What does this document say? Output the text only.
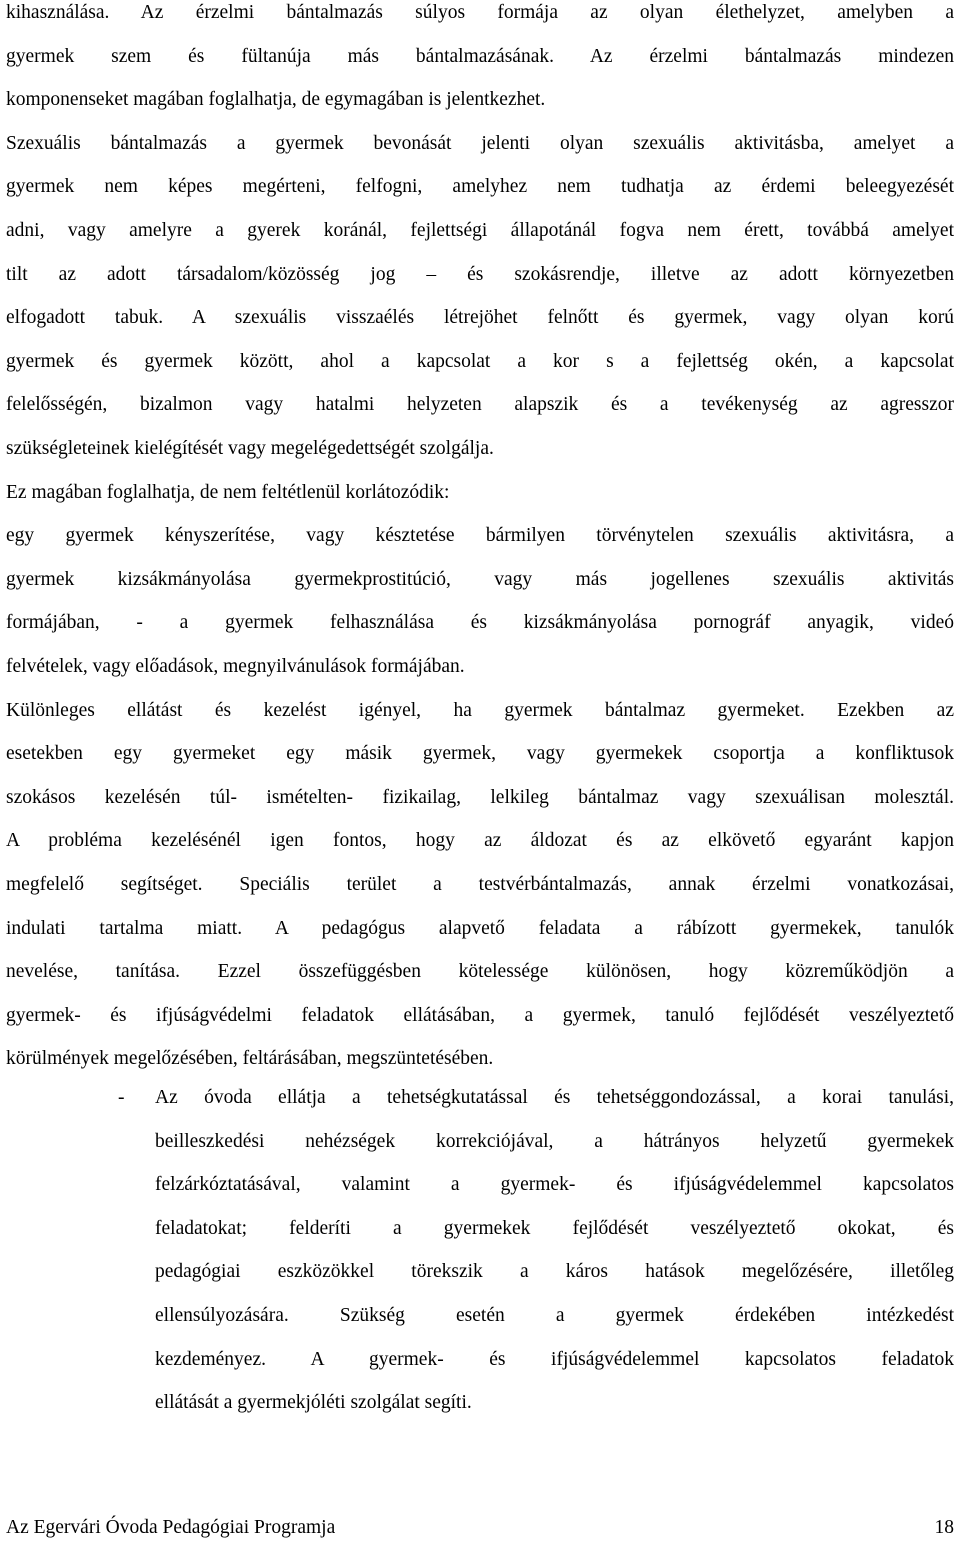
kihasználása. Az érzelmi bántalmazás súlyos formája az olyan élethelyzet, amelyben a
gyermek szem és fültanúja más bántalmazásának. Az érzelmi bántalmazás mindezen
komponenseket magában foglalhatja, de egymagában is jelentkezhet.
Szexuális bántalmazás a gyermek bevonását jelenti olyan szexuális aktivitásba, amelyet a
gyermek nem képes megérteni, felfogni, amelyhez nem tudhatja az érdemi beleegyezését
adni, vagy amelyre a gyerek koránál, fejlettségi állapotánál fogva nem érett, továbbá amelyet
tilt az adott társadalom/közösség jog – és szokásrendje, illetve az adott környezetben
elfogadott tabuk. A szexuális visszaélés létrejöhet felnőtt és gyermek, vagy olyan korú
gyermek és gyermek között, ahol a kapcsolat a kor s a fejlettség okén, a kapcsolat
felelősségén, bizalmon vagy hatalmi helyzeten alapszik és a tevékenység az agresszor
szükségleteinek kielégítését vagy megelégedettségét szolgálja.
Ez magában foglalhatja, de nem feltétlenül korlátozódik:
egy gyermek kényszerítése, vagy késztetése bármilyen törvénytelen szexuális aktivitásra, a
gyermek kizsákmányolása gyermekprostitúció, vagy más jogellenes szexuális aktivitás
formájában, - a gyermek felhasználása és kizsákmányolása pornográf anyagik, videó
felvételek, vagy előadások, megnyilvánulások formájában.
Különleges ellátást és kezelést igényel, ha gyermek bántalmaz gyermeket. Ezekben az
esetekben egy gyermeket egy másik gyermek, vagy gyermekek csoportja a konfliktusok
szokásos kezelésén túl- ismételten- fizikailag, lelkileg bántalmaz vagy szexuálisan molesztál.
A probléma kezelésénél igen fontos, hogy az áldozat és az elkövető egyaránt kapjon
megfelelő segítséget. Speciális terület a testvérbántalmazás, annak érzelmi vonatkozásai,
indulati tartalma miatt. A pedagógus alapvető feladata a rábízott gyermekek, tanulók
nevelése, tanítása. Ezzel összefüggésben kötelessége különösen, hogy közreműködjön a
gyermek- és ifjúságvédelmi feladatok ellátásában, a gyermek, tanuló fejlődését veszélyeztető
körülmények megelőzésében, feltárásában, megszüntetésében.
- Az óvoda ellátja a tehetségkutatással és tehetséggondozással, a korai tanulási,
beilleszkedési nehézségek korrekciójával, a hátrányos helyzetű gyermekek
felzárkóztatásával, valamint a gyermek- és ifjúságvédelemmel kapcsolatos
feladatokat; felderíti a gyermekek fejlődését veszélyeztető okokat, és
pedagógiai eszközökkel törekszik a káros hatások megelőzésére, illetőleg
ellensúlyozására. Szükség esetén a gyermek érdekében intézkedést
kezdeményez. A gyermek- és ifjúságvédelemmel kapcsolatos feladatok
ellátását a gyermekjóléti szolgálat segíti.
Az Egervári Óvoda Pedagógiai Programja	18
